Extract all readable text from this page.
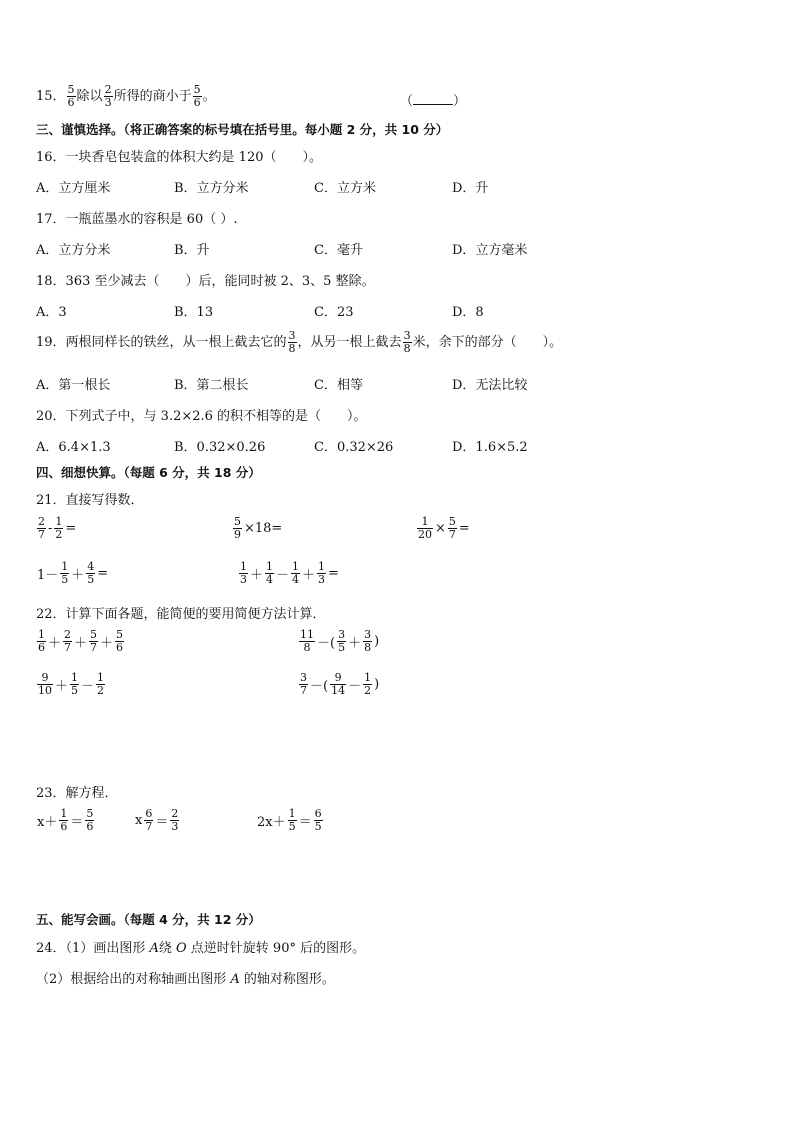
15． $\frac{5}{6}$ 除以 $\frac{2}{3}$ 所得的商小于 $\frac{5}{6}$ 。	（	）
三、谨慎选择。（将正确答案的标号填在括号里。每小题 2 分，共 10 分）
16．一块香皂包装盒的体积大约是 120（　　）。
A．立方厘米	B．立方分米	C．立方米	D．升
17．一瓶蓝墨水的容积是 60（ ）.
A．立方分米	B．升	C．毫升	D．立方毫米
18．363 至少减去（　　）后，能同时被 2、3、5 整除。
A．3	B．13	C．23	D．8
19．两根同样长的铁丝，从一根上截去它的 $\frac{3}{8}$ ，从另一根上截去 $\frac{3}{8}$ 米，余下的部分（　　）。
A．第一根长	B．第二根长	C．相等	D．无法比较
20．下列式子中，与 3.2×2.6 的积不相等的是（　　）。
A．6.4×1.3	B．0.32×0.26	C．0.32×26	D．1.6×5.2
四、细想快算。（每题 6 分，共 18 分）
21．直接写得数．
$\frac{2}{7} - \frac{1}{2}$ =	$\frac{5}{9} \times 18=$	$\frac{1}{20} \times \frac{5}{7}$ =
$1- \frac{1}{5} + \frac{4}{5}$ =	$\frac{1}{3} + \frac{1}{4} - \frac{1}{4} + \frac{1}{3}$ =
22．计算下面各题，能简便的要用简便方法计算．
$\frac{1}{6} + \frac{2}{7} + \frac{5}{7} + \frac{5}{6}$	$\frac{11}{8}$ －( $\frac{3}{5} + \frac{3}{8}$ )
$\frac{9}{10} + \frac{1}{5} - \frac{1}{2}$	$\frac{3}{7}$ －( $\frac{9}{14} - \frac{1}{2}$ )
23．解方程．
$x+ \frac{1}{6} = \frac{5}{6}$	x $\frac{6}{7} = \frac{2}{3}$	$2x+ \frac{1}{5} = \frac{6}{5}$
五、能写会画。（每题 4 分，共 12 分）
24．（1）画出图形 A绕 O 点逆时针旋转 90° 后的图形。
（2）根据给出的对称轴画出图形 A 的轴对称图形。
